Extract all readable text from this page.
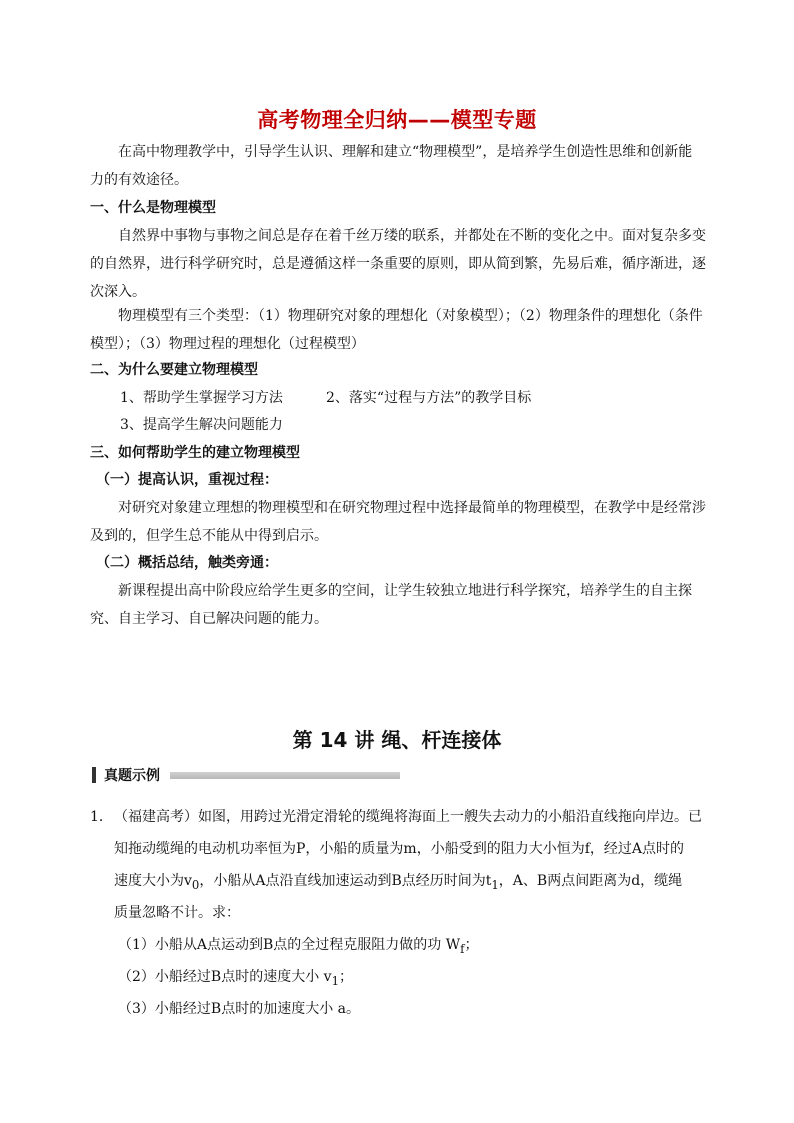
高考物理全归纳——模型专题

在高中物理教学中，引导学生认识、理解和建立“物理模型”，是培养学生创造性思维和创新能力的有效途径。

一、什么是物理模型

自然界中事物与事物之间总是存在着千丝万缕的联系，并都处在不断的变化之中。面对复杂多变的自然界，进行科学研究时，总是遵循这样一条重要的原则，即从简到繁，先易后难，循序渐进，逐次深入。

物理模型有三个类型：（1）物理研究对象的理想化（对象模型）；（2）物理条件的理想化（条件模型）；（3）物理过程的理想化（过程模型）

二、为什么要建立物理模型

1、帮助学生掌握学习方法	2、落实“过程与方法”的教学目标

3、提高学生解决问题能力

三、如何帮助学生的建立物理模型

（一）提高认识，重视过程：

对研究对象建立理想的物理模型和在研究物理过程中选择最简单的物理模型，在教学中是经常涉及到的，但学生总不能从中得到启示。

（二）概括总结，触类旁通：

新课程提出高中阶段应给学生更多的空间，让学生较独立地进行科学探究，培养学生的自主探究、自主学习、自已解决问题的能力。

第 14 讲 绳、杆连接体
真题示例

1．（福建高考）如图，用跨过光滑定滑轮的缆绳将海面上一艘失去动力的小船沿直线拖向岸边。已

知拖动缆绳的电动机功率恒为P，小船的质量为m，小船受到的阻力大小恒为f，经过A点时的

速度大小为$v_0$，小船从A点沿直线加速运动到B点经历时间为$t_1$，A、B两点间距离为d，缆绳

质量忽略不计。求：

（1）小船从A点运动到B点的全过程克服阻力做的功 $W_f$；

（2）小船经过B点时的速度大小 $v_1$；

（3）小船经过B点时的加速度大小 a。
